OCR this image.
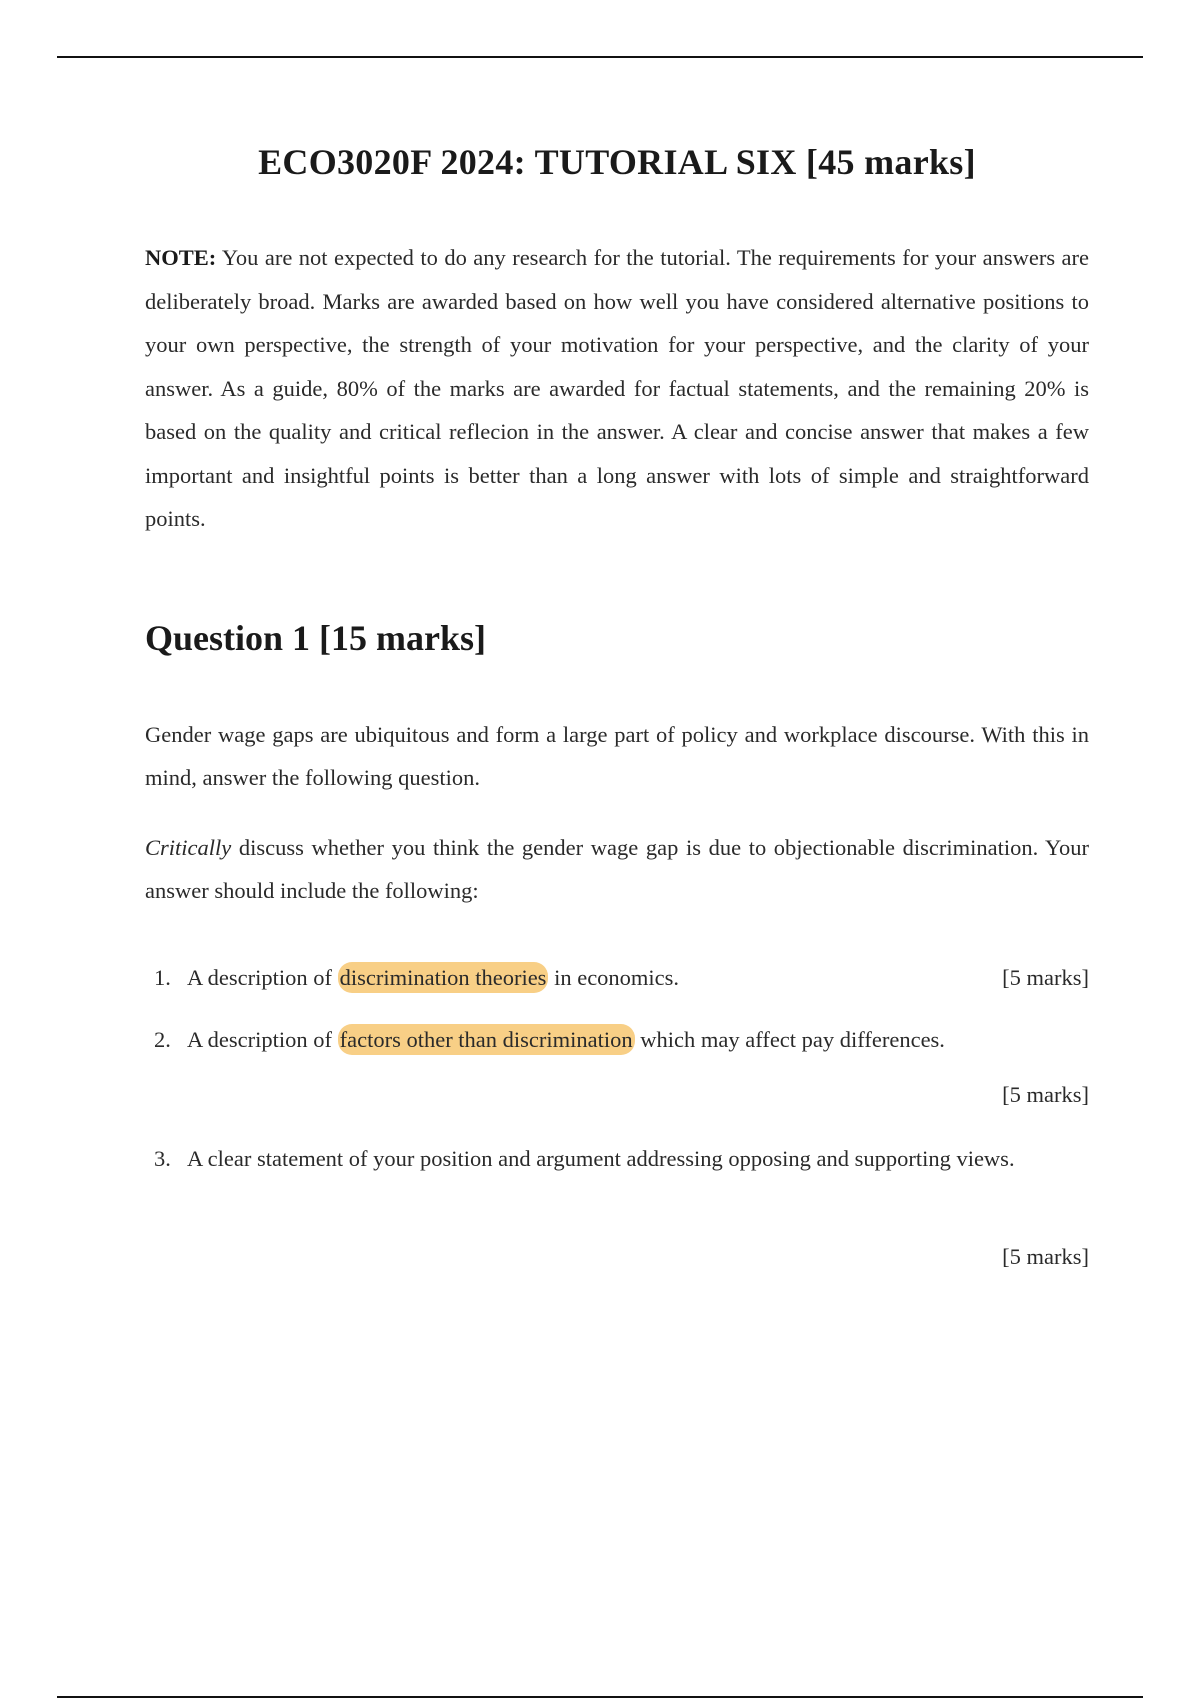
ECO3020F 2024: TUTORIAL SIX [45 marks]

NOTE: You are not expected to do any research for the tutorial. The requirements for your answers are deliberately broad. Marks are awarded based on how well you have considered alternative positions to your own perspective, the strength of your motivation for your perspective, and the clarity of your answer. As a guide, 80% of the marks are awarded for factual statements, and the remaining 20% is based on the quality and critical reflecion in the answer. A clear and concise answer that makes a few important and insightful points is better than a long answer with lots of simple and straightforward points.

Question 1 [15 marks]

Gender wage gaps are ubiquitous and form a large part of policy and workplace discourse. With this in mind, answer the following question.

Critically discuss whether you think the gender wage gap is due to objectionable discrimination. Your answer should include the following:

1. A description of discrimination theories in economics.	[5 marks]
2. A description of factors other than discrimination which may affect pay differences.
[5 marks]
3. A clear statement of your position and argument addressing opposing and supporting views.
[5 marks]
